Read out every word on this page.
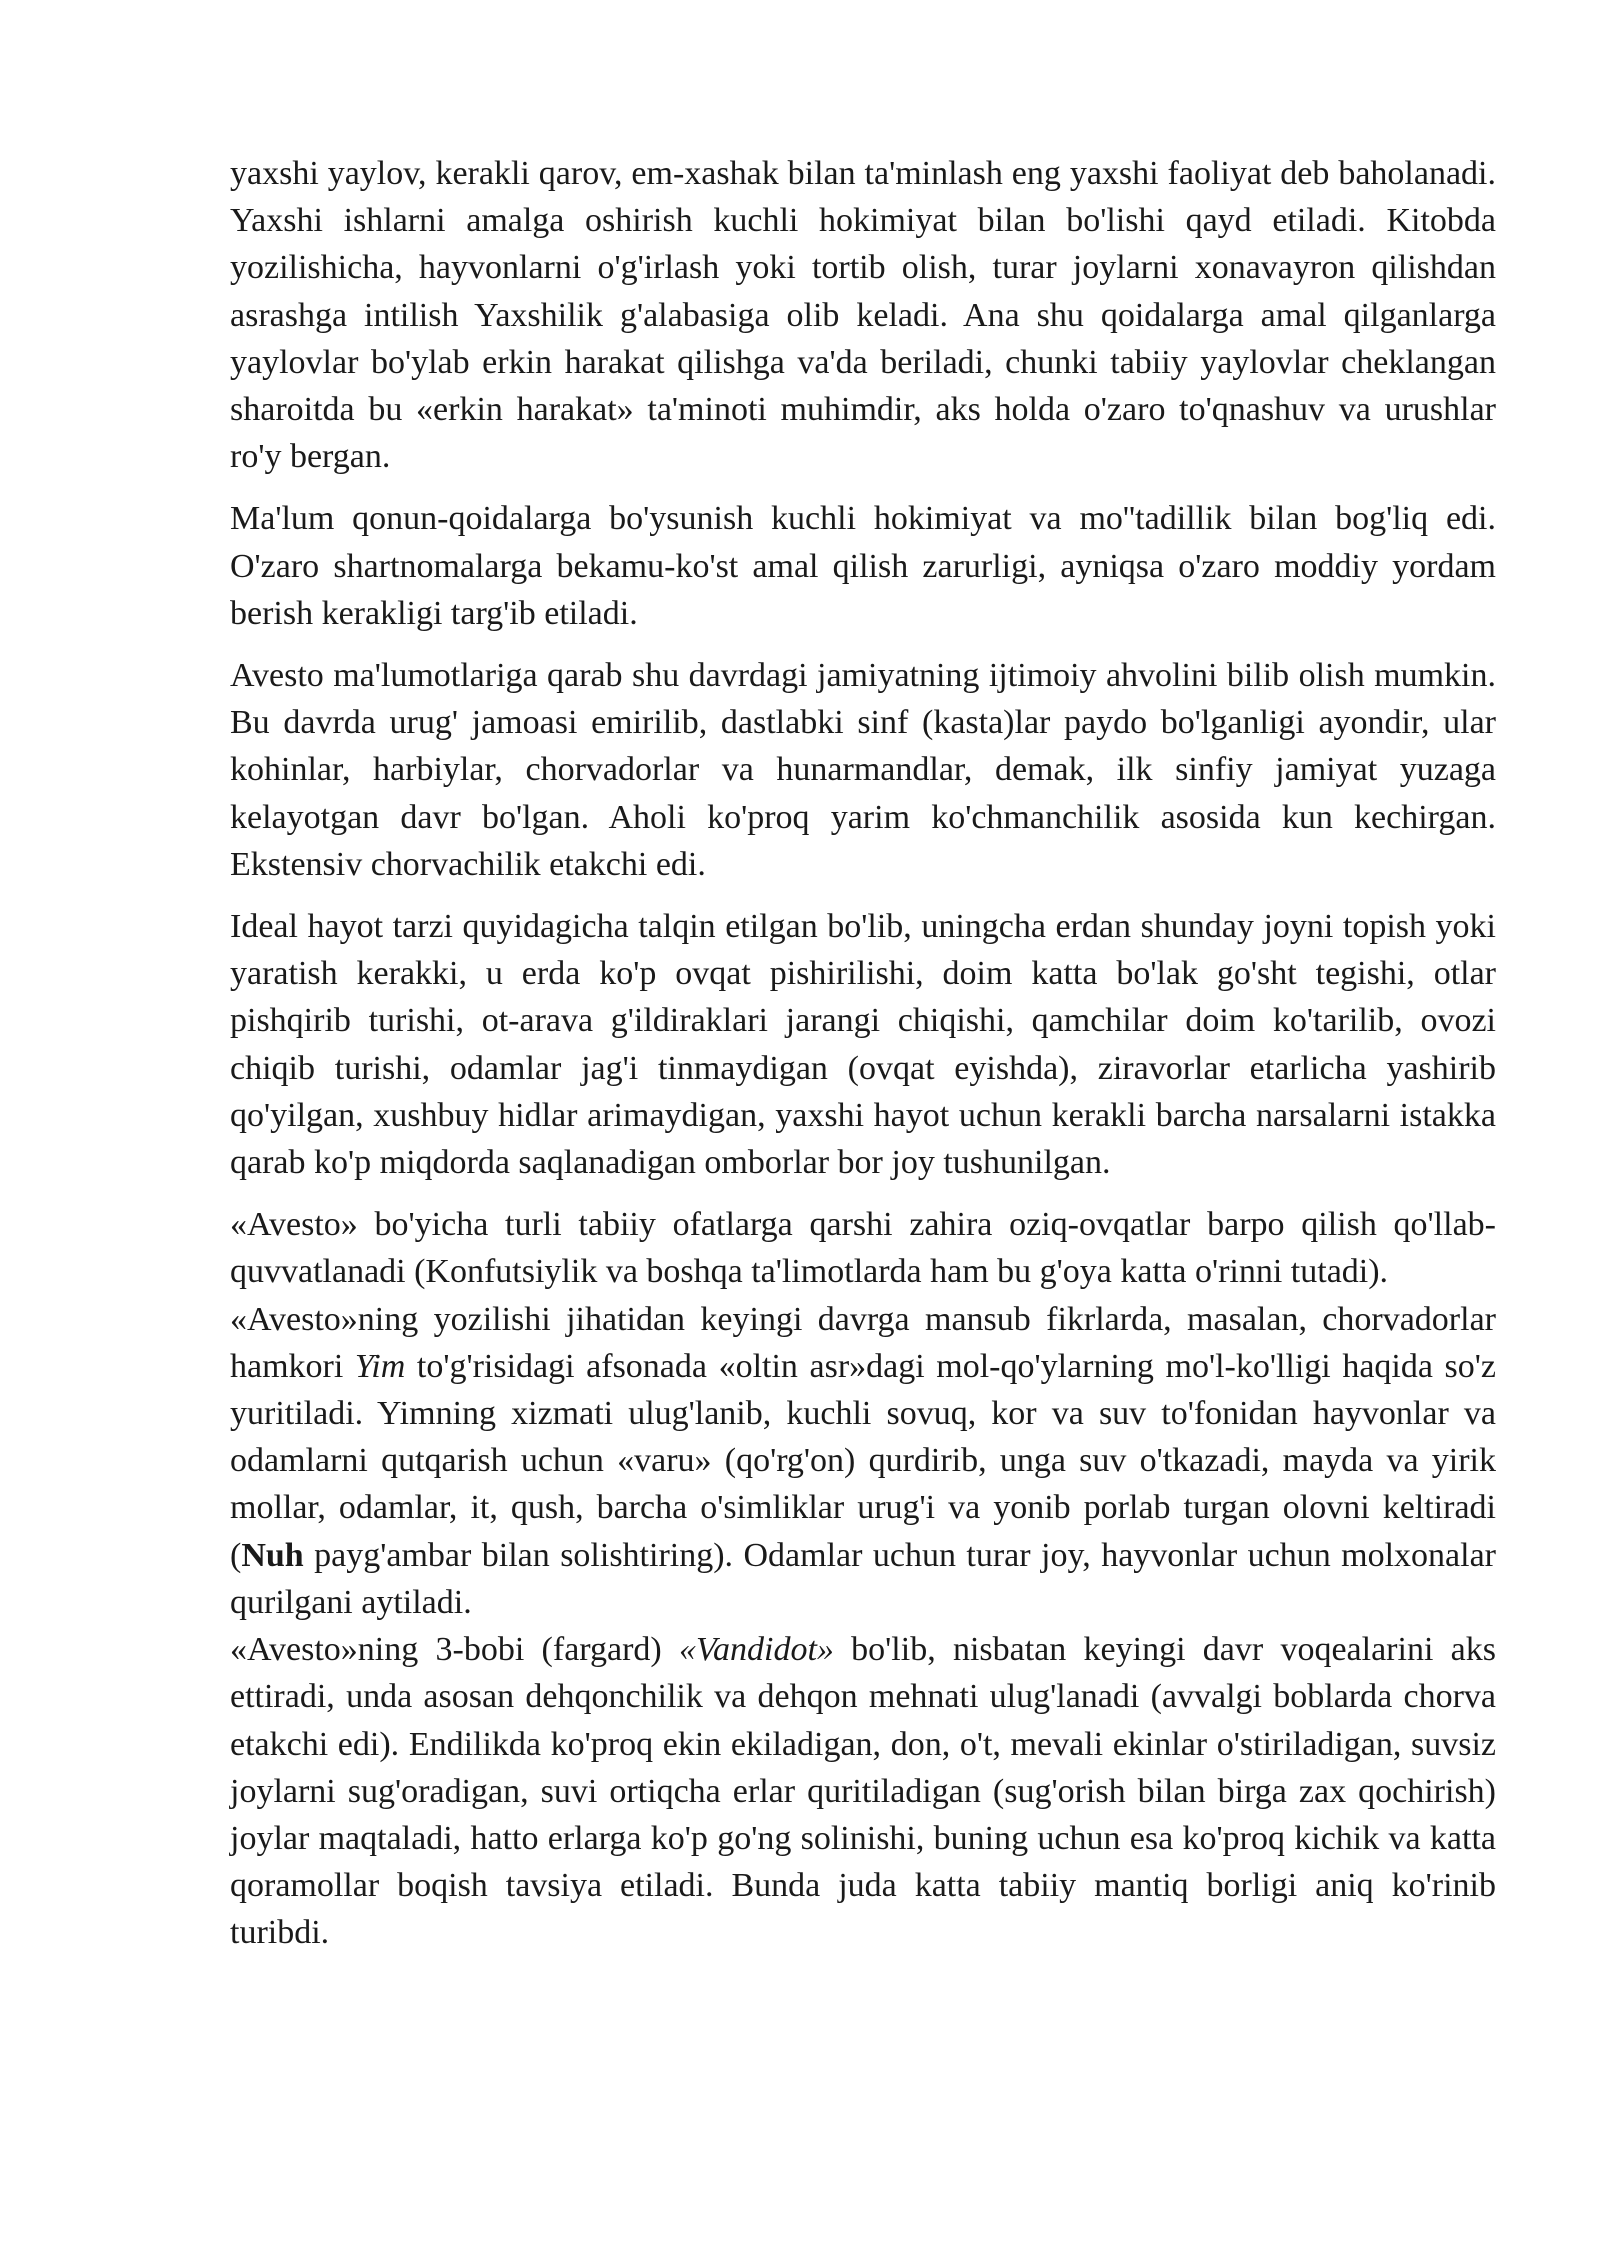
yaxshi yaylov, kerakli qarov, em-xashak bilan ta'minlash eng yaxshi faoliyat deb baholanadi. Yaxshi ishlarni amalga oshirish kuchli hokimiyat bilan bo'lishi qayd etiladi. Kitobda yozilishicha, hayvonlarni o'g'irlash yoki tortib olish, turar joylarni xonavayron qilishdan asrashga intilish Yaxshilik g'alabasiga olib keladi. Ana shu qoidalarga amal qilganlarga yaylovlar bo'ylab erkin harakat qilishga va'da beriladi, chunki tabiiy yaylovlar cheklangan sharoitda bu «erkin harakat» ta'minoti muhimdir, aks holda o'zaro to'qnashuv va urushlar ro'y bergan.

Ma'lum qonun-qoidalarga bo'ysunish kuchli hokimiyat va mo''tadillik bilan bog'liq edi. O'zaro shartnomalarga bekamu-ko'st amal qilish zarurligi, ayniqsa o'zaro moddiy yordam berish kerakligi targ'ib etiladi.

Avesto ma'lumotlariga qarab shu davrdagi jamiyatning ijtimoiy ahvolini bilib olish mumkin. Bu davrda urug' jamoasi emirilib, dastlabki sinf (kasta)lar paydo bo'lganligi ayondir, ular kohinlar, harbiylar, chorvadorlar va hunarmandlar, demak, ilk sinfiy jamiyat yuzaga kelayotgan davr bo'lgan. Aholi ko'proq yarim ko'chmanchilik asosida kun kechirgan. Ekstensiv chorvachilik etakchi edi.

Ideal hayot tarzi quyidagicha talqin etilgan bo'lib, uningcha erdan shunday joyni topish yoki yaratish kerakki, u erda ko'p ovqat pishirilishi, doim katta bo'lak go'sht tegishi, otlar pishqirib turishi, ot-arava g'ildiraklari jarangi chiqishi, qamchilar doim ko'tarilib, ovozi chiqib turishi, odamlar jag'i tinmaydigan (ovqat eyishda), ziravorlar etarlicha yashirib qo'yilgan, xushbuy hidlar arimaydigan, yaxshi hayot uchun kerakli barcha narsalarni istakka qarab ko'p miqdorda saqlanadigan omborlar bor joy tushunilgan.

«Avesto» bo'yicha turli tabiiy ofatlarga qarshi zahira oziq-ovqatlar barpo qilish qo'llab-quvvatlanadi (Konfutsiylik va boshqa ta'limotlarda ham bu g'oya katta o'rinni tutadi).

«Avesto»ning yozilishi jihatidan keyingi davrga mansub fikrlarda, masalan, chorvadorlar hamkori Yim to'g'risidagi afsonada «oltin asr»dagi mol-qo'ylarning mo'l-ko'lligi haqida so'z yuritiladi. Yimning xizmati ulug'lanib, kuchli sovuq, kor va suv to'fonidan hayvonlar va odamlarni qutqarish uchun «varu» (qo'rg'on) qurdirib, unga suv o'tkazadi, mayda va yirik mollar, odamlar, it, qush, barcha o'simliklar urug'i va yonib porlab turgan olovni keltiradi (Nuh payg'ambar bilan solishtiring). Odamlar uchun turar joy, hayvonlar uchun molxonalar qurilgani aytiladi.

«Avesto»ning 3-bobi (fargard) «Vandidot» bo'lib, nisbatan keyingi davr voqealarini aks ettiradi, unda asosan dehqonchilik va dehqon mehnati ulug'lanadi (avvalgi boblarda chorva etakchi edi). Endilikda ko'proq ekin ekiladigan, don, o't, mevali ekinlar o'stiriladigan, suvsiz joylarni sug'oradigan, suvi ortiqcha erlar quritiladigan (sug'orish bilan birga zax qochirish) joylar maqtaladi, hatto erlarga ko'p go'ng solinishi, buning uchun esa ko'proq kichik va katta qoramollar boqish tavsiya etiladi. Bunda juda katta tabiiy mantiq borligi aniq ko'rinib turibdi.
